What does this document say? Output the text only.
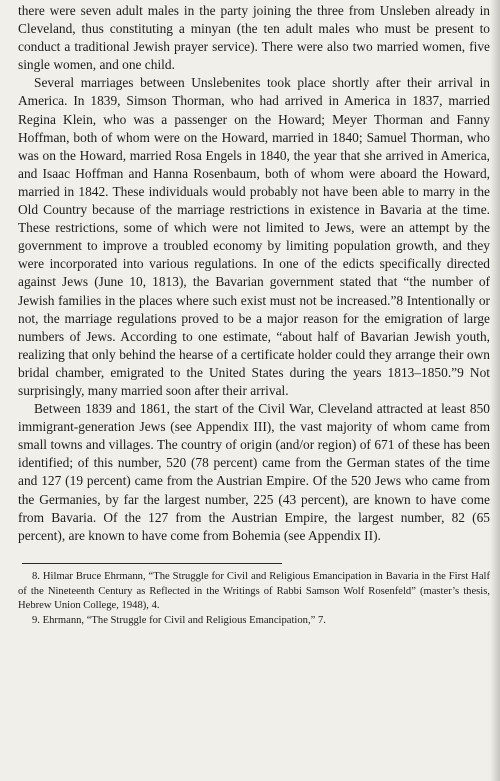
there were seven adult males in the party joining the three from Unsleben already in Cleveland, thus constituting a minyan (the ten adult males who must be present to conduct a traditional Jewish prayer service). There were also two married women, five single women, and one child.

Several marriages between Unslebenites took place shortly after their arrival in America. In 1839, Simson Thorman, who had arrived in America in 1837, married Regina Klein, who was a passenger on the Howard; Meyer Thorman and Fanny Hoffman, both of whom were on the Howard, married in 1840; Samuel Thorman, who was on the Howard, married Rosa Engels in 1840, the year that she arrived in America, and Isaac Hoffman and Hanna Rosenbaum, both of whom were aboard the Howard, married in 1842. These individuals would probably not have been able to marry in the Old Country because of the marriage restrictions in existence in Bavaria at the time. These restrictions, some of which were not limited to Jews, were an attempt by the government to improve a troubled economy by limiting population growth, and they were incorporated into various regulations. In one of the edicts specifically directed against Jews (June 10, 1813), the Bavarian government stated that “the number of Jewish families in the places where such exist must not be increased.”8 Intentionally or not, the marriage regulations proved to be a major reason for the emigration of large numbers of Jews. According to one estimate, “about half of Bavarian Jewish youth, realizing that only behind the hearse of a certificate holder could they arrange their own bridal chamber, emigrated to the United States during the years 1813–1850.”9 Not surprisingly, many married soon after their arrival.

Between 1839 and 1861, the start of the Civil War, Cleveland attracted at least 850 immigrant-generation Jews (see Appendix III), the vast majority of whom came from small towns and villages. The country of origin (and/or region) of 671 of these has been identified; of this number, 520 (78 percent) came from the German states of the time and 127 (19 percent) came from the Austrian Empire. Of the 520 Jews who came from the Germanies, by far the largest number, 225 (43 percent), are known to have come from Bavaria. Of the 127 from the Austrian Empire, the largest number, 82 (65 percent), are known to have come from Bohemia (see Appendix II).

8. Hilmar Bruce Ehrmann, “The Struggle for Civil and Religious Emancipation in Bavaria in the First Half of the Nineteenth Century as Reflected in the Writings of Rabbi Samson Wolf Rosenfeld” (master’s thesis, Hebrew Union College, 1948), 4.

9. Ehrmann, “The Struggle for Civil and Religious Emancipation,” 7.
